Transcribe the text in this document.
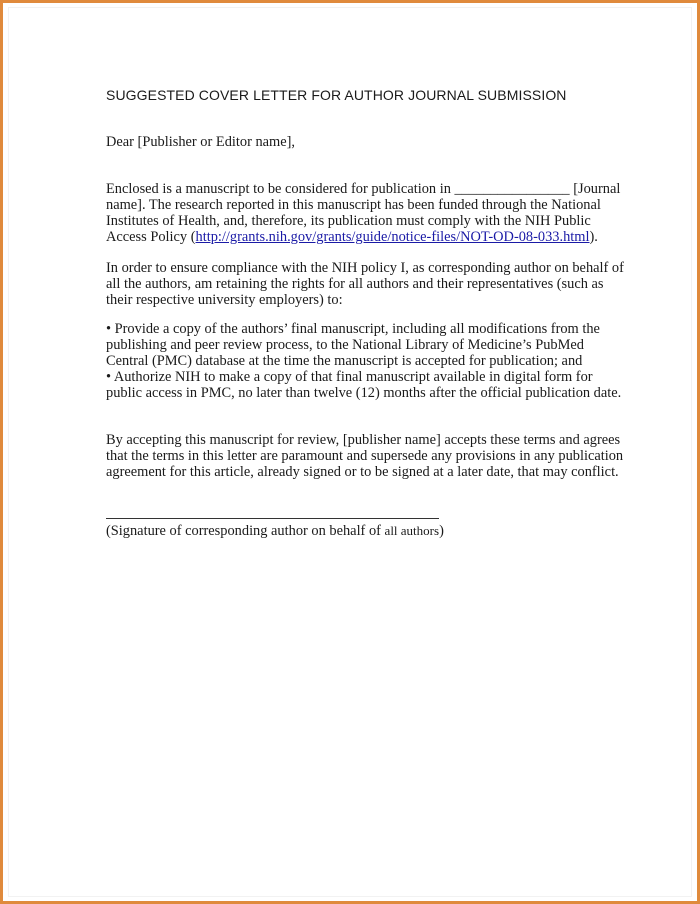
SUGGESTED COVER LETTER FOR AUTHOR JOURNAL SUBMISSION
Dear [Publisher or Editor name],
Enclosed is a manuscript to be considered for publication in ________________ [Journal
name]. The research reported in this manuscript has been funded through the National
Institutes of Health, and, therefore, its publication must comply with the NIH Public
Access Policy (http://grants.nih.gov/grants/guide/notice-files/NOT-OD-08-033.html).
In order to ensure compliance with the NIH policy I, as corresponding author on behalf of
all the authors, am retaining the rights for all authors and their representatives (such as
their respective university employers) to:
• Provide a copy of the authors’ final manuscript, including all modifications from the
publishing and peer review process, to the National Library of Medicine’s PubMed
Central (PMC) database at the time the manuscript is accepted for publication; and
• Authorize NIH to make a copy of that final manuscript available in digital form for
public access in PMC, no later than twelve (12) months after the official publication date.
By accepting this manuscript for review, [publisher name] accepts these terms and agrees
that the terms in this letter are paramount and supersede any provisions in any publication
agreement for this article, already signed or to be signed at a later date, that may conflict.
(Signature of corresponding author on behalf of all authors)
